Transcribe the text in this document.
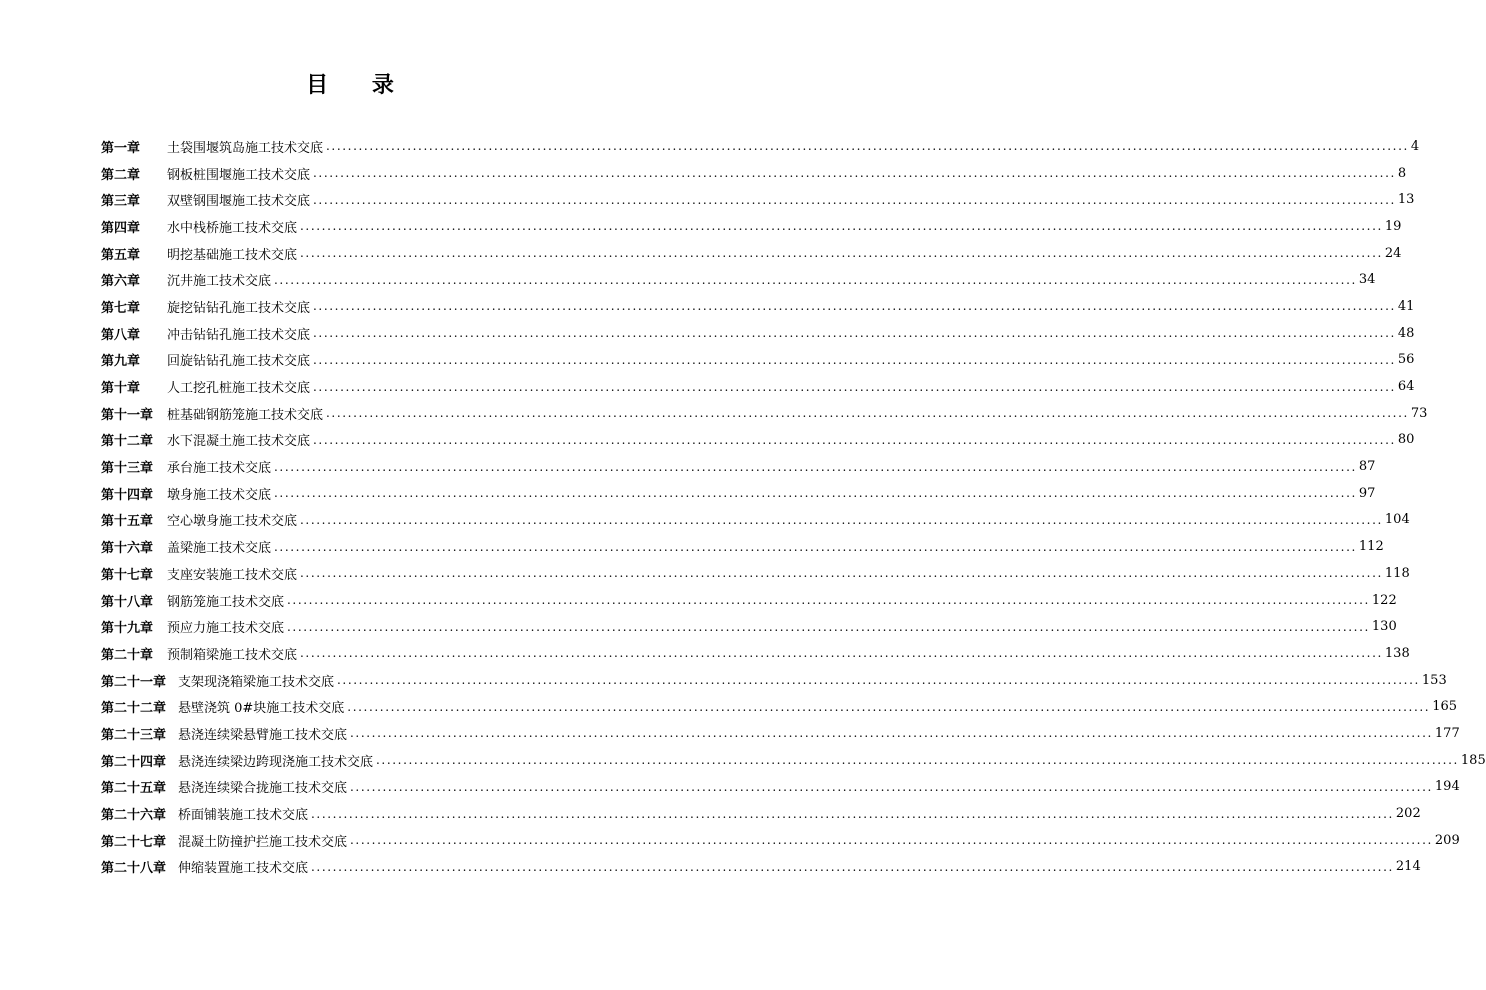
目 录
第一章	土袋围堰筑岛施工技术交底 ........................................................................................................................................................................................................ 4
第二章	钢板桩围堰施工技术交底 ........................................................................................................................................................................................................ 8
第三章	双壁钢围堰施工技术交底 ........................................................................................................................................................................................................ 13
第四章	水中栈桥施工技术交底 ........................................................................................................................................................................................................ 19
第五章	明挖基础施工技术交底 ........................................................................................................................................................................................................ 24
第六章	沉井施工技术交底 ........................................................................................................................................................................................................ 34
第七章	旋挖钻钻孔施工技术交底 ........................................................................................................................................................................................................ 41
第八章	冲击钻钻孔施工技术交底 ........................................................................................................................................................................................................ 48
第九章	回旋钻钻孔施工技术交底 ........................................................................................................................................................................................................ 56
第十章	人工挖孔桩施工技术交底 ........................................................................................................................................................................................................ 64
第十一章	桩基础钢筋笼施工技术交底 ........................................................................................................................................................................................................ 73
第十二章	水下混凝土施工技术交底 ........................................................................................................................................................................................................ 80
第十三章	承台施工技术交底 ........................................................................................................................................................................................................ 87
第十四章	墩身施工技术交底 ........................................................................................................................................................................................................ 97
第十五章	空心墩身施工技术交底 ........................................................................................................................................................................................................ 104
第十六章	盖梁施工技术交底 ........................................................................................................................................................................................................ 112
第十七章	支座安装施工技术交底 ........................................................................................................................................................................................................ 118
第十八章	钢筋笼施工技术交底 ........................................................................................................................................................................................................ 122
第十九章	预应力施工技术交底 ........................................................................................................................................................................................................ 130
第二十章	预制箱梁施工技术交底 ........................................................................................................................................................................................................ 138
第二十一章 支架现浇箱梁施工技术交底 ........................................................................................................................................................................................................ 153
第二十二章 悬壁浇筑 0#块施工技术交底 ........................................................................................................................................................................................................ 165
第二十三章 悬浇连续梁悬臂施工技术交底 ........................................................................................................................................................................................................ 177
第二十四章 悬浇连续梁边跨现浇施工技术交底 ........................................................................................................................................................................................................ 185
第二十五章 悬浇连续梁合拢施工技术交底 ........................................................................................................................................................................................................ 194
第二十六章 桥面铺装施工技术交底 ........................................................................................................................................................................................................ 202
第二十七章 混凝土防撞护拦施工技术交底 ........................................................................................................................................................................................................ 209
第二十八章 伸缩装置施工技术交底 ........................................................................................................................................................................................................ 214
